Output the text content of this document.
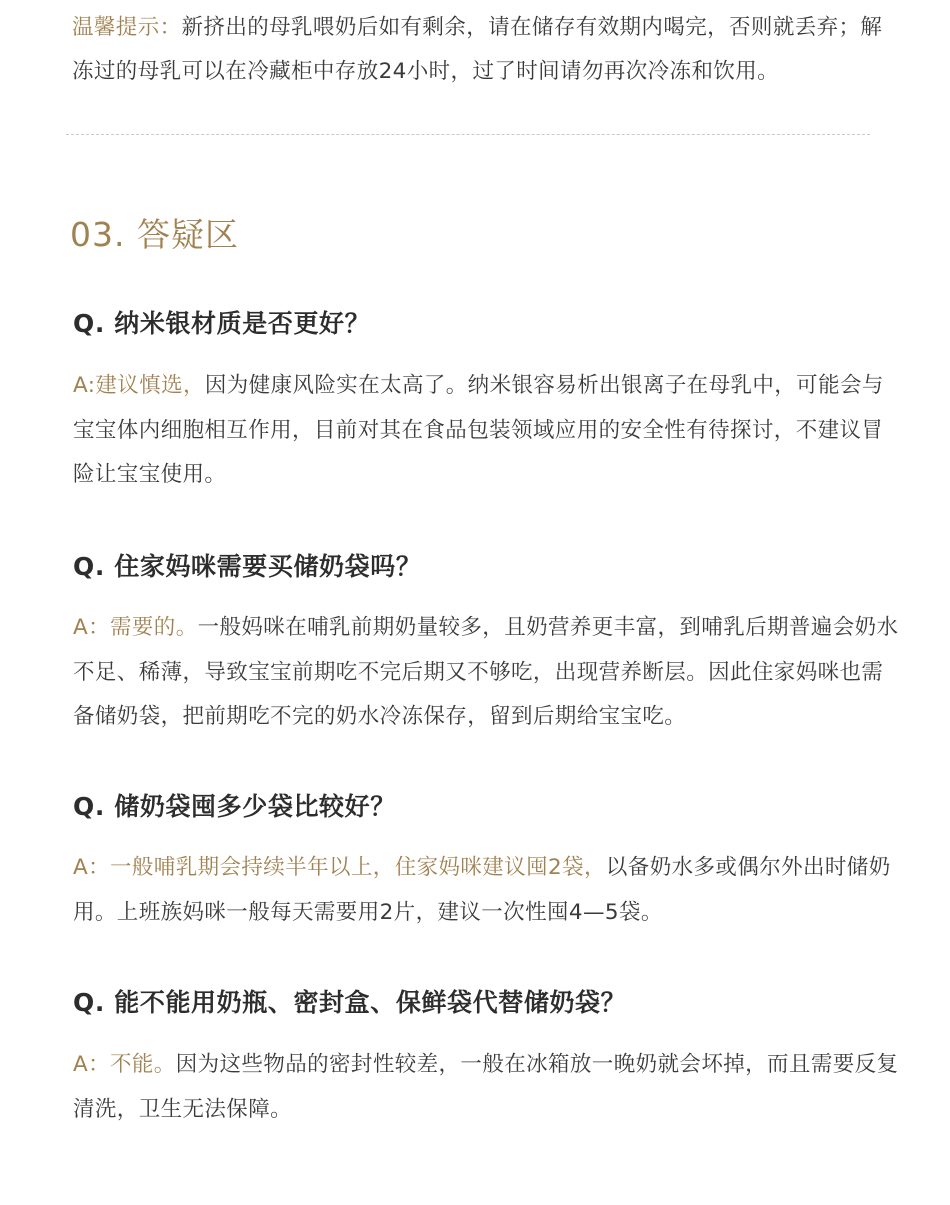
温馨提示：新挤出的母乳喂奶后如有剩余，请在储存有效期内喝完，否则就丢弃；解冻过的母乳可以在冷藏柜中存放24小时，过了时间请勿再次冷冻和饮用。

03. 答疑区
Q. 纳米银材质是否更好？

A:建议慎选，因为健康风险实在太高了。纳米银容易析出银离子在母乳中，可能会与宝宝体内细胞相互作用，目前对其在食品包装领域应用的安全性有待探讨，不建议冒险让宝宝使用。

Q. 住家妈咪需要买储奶袋吗？

A：需要的。一般妈咪在哺乳前期奶量较多，且奶营养更丰富，到哺乳后期普遍会奶水不足、稀薄，导致宝宝前期吃不完后期又不够吃，出现营养断层。因此住家妈咪也需备储奶袋，把前期吃不完的奶水冷冻保存，留到后期给宝宝吃。

Q. 储奶袋囤多少袋比较好？

A：一般哺乳期会持续半年以上，住家妈咪建议囤2袋，以备奶水多或偶尔外出时储奶用。上班族妈咪一般每天需要用2片，建议一次性囤4—5袋。

Q. 能不能用奶瓶、密封盒、保鲜袋代替储奶袋？

A：不能。因为这些物品的密封性较差，一般在冰箱放一晚奶就会坏掉，而且需要反复清洗，卫生无法保障。
